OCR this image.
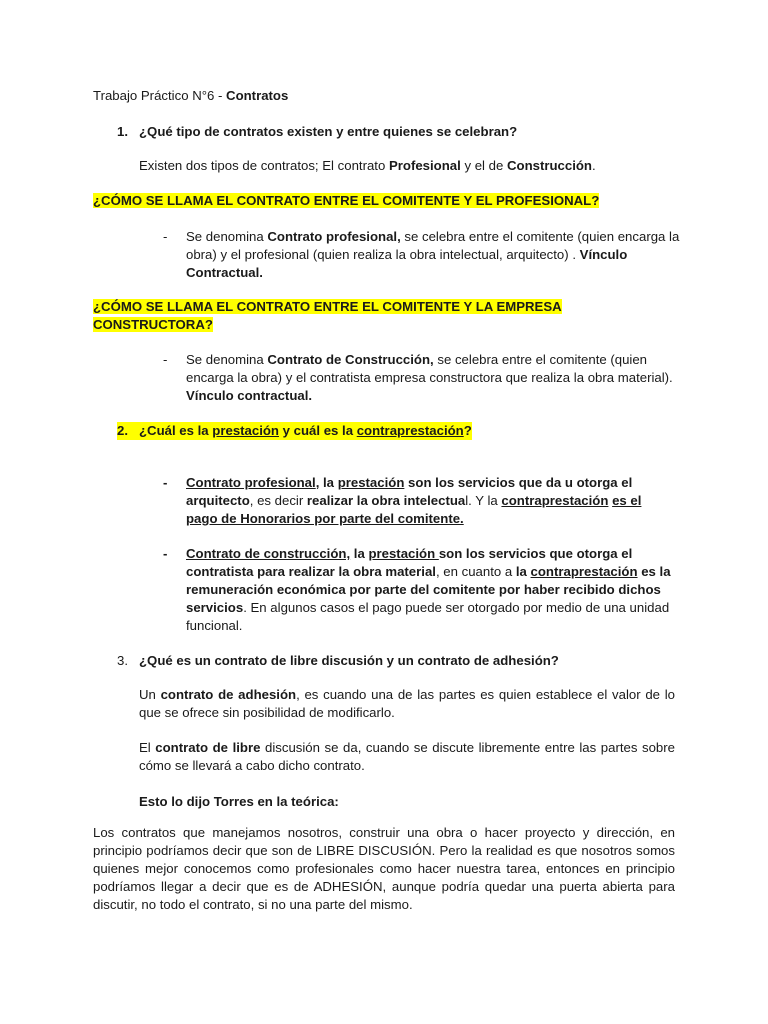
Trabajo Práctico N°6 - Contratos
1. ¿Qué tipo de contratos existen y entre quienes se celebran?
Existen dos tipos de contratos; El contrato Profesional y el de Construcción.
¿CÓMO SE LLAMA EL CONTRATO ENTRE EL COMITENTE Y EL PROFESIONAL?
- Se denomina Contrato profesional, se celebra entre el comitente (quien encarga la obra) y el profesional (quien realiza la obra intelectual, arquitecto) . Vínculo Contractual.
¿CÓMO SE LLAMA EL CONTRATO ENTRE EL COMITENTE Y LA EMPRESA
CONSTRUCTORA?
- Se denomina Contrato de Construcción, se celebra entre el comitente (quien encarga la obra) y el contratista empresa constructora que realiza la obra material). Vínculo contractual.
2. ¿Cuál es la prestación y cuál es la contraprestación?
- Contrato profesional, la prestación son los servicios que da u otorga el arquitecto, es decir realizar la obra intelectual. Y la contraprestación es el pago de Honorarios por parte del comitente.
- Contrato de construcción, la prestación son los servicios que otorga el contratista para realizar la obra material, en cuanto a la contraprestación es la remuneración económica por parte del comitente por haber recibido dichos servicios. En algunos casos el pago puede ser otorgado por medio de una unidad funcional.
3. ¿Qué es un contrato de libre discusión y un contrato de adhesión?
Un contrato de adhesión, es cuando una de las partes es quien establece el valor de lo que se ofrece sin posibilidad de modificarlo.
El contrato de libre discusión se da, cuando se discute libremente entre las partes sobre cómo se llevará a cabo dicho contrato.
Esto lo dijo Torres en la teórica:
Los contratos que manejamos nosotros, construir una obra o hacer proyecto y dirección, en principio podríamos decir que son de LIBRE DISCUSIÓN. Pero la realidad es que nosotros somos quienes mejor conocemos como profesionales como hacer nuestra tarea, entonces en principio podríamos llegar a decir que es de ADHESIÓN, aunque podría quedar una puerta abierta para discutir, no todo el contrato, si no una parte del mismo.
